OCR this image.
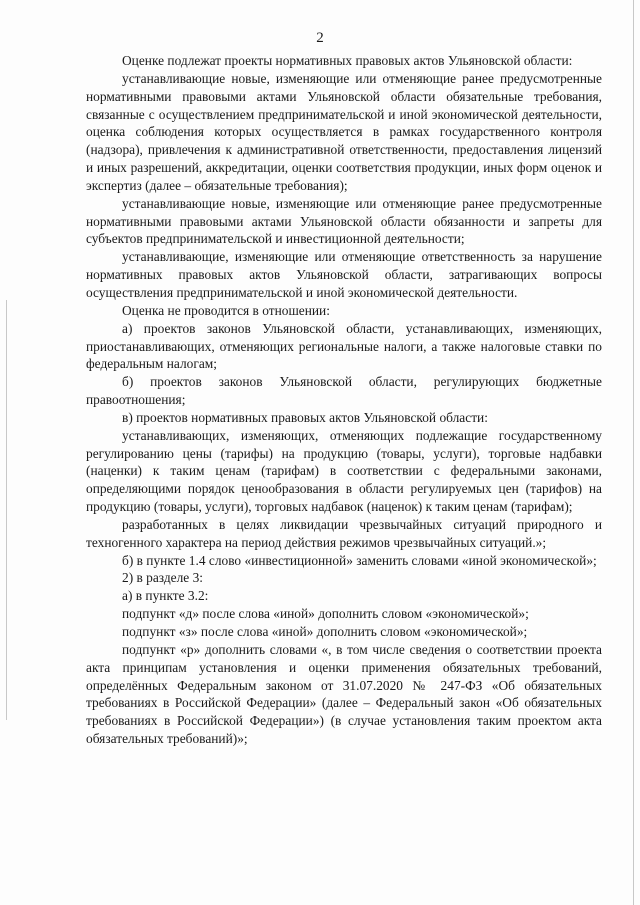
2

Оценке подлежат проекты нормативных правовых актов Ульяновской области:

устанавливающие новые, изменяющие или отменяющие ранее предусмотренные нормативными правовыми актами Ульяновской области обязательные требования, связанные с осуществлением предпринимательской и иной экономической деятельности, оценка соблюдения которых осуществляется в рамках государственного контроля (надзора), привлечения к административной ответственности, предоставления лицензий и иных разрешений, аккредитации, оценки соответствия продукции, иных форм оценок и экспертиз (далее – обязательные требования);

устанавливающие новые, изменяющие или отменяющие ранее предусмотренные нормативными правовыми актами Ульяновской области обязанности и запреты для субъектов предпринимательской и инвестиционной деятельности;

устанавливающие, изменяющие или отменяющие ответственность за нарушение нормативных правовых актов Ульяновской области, затрагивающих вопросы осуществления предпринимательской и иной экономической деятельности.

Оценка не проводится в отношении:

а) проектов законов Ульяновской области, устанавливающих, изменяющих, приостанавливающих, отменяющих региональные налоги, а также налоговые ставки по федеральным налогам;

б) проектов законов Ульяновской области, регулирующих бюджетные правоотношения;

в) проектов нормативных правовых актов Ульяновской области:

устанавливающих, изменяющих, отменяющих подлежащие государственному регулированию цены (тарифы) на продукцию (товары, услуги), торговые надбавки (наценки) к таким ценам (тарифам) в соответствии с федеральными законами, определяющими порядок ценообразования в области регулируемых цен (тарифов) на продукцию (товары, услуги), торговых надбавок (наценок) к таким ценам (тарифам);

разработанных в целях ликвидации чрезвычайных ситуаций природного и техногенного характера на период действия режимов чрезвычайных ситуаций.»;

б) в пункте 1.4 слово «инвестиционной» заменить словами «иной экономической»;

2) в разделе 3:

а) в пункте 3.2:

подпункт «д» после слова «иной» дополнить словом «экономической»;

подпункт «з» после слова «иной» дополнить словом «экономической»;

подпункт «р» дополнить словами «, в том числе сведения о соответствии проекта акта принципам установления и оценки применения обязательных требований, определённых Федеральным законом от 31.07.2020 № 247-ФЗ «Об обязательных требованиях в Российской Федерации» (далее – Федеральный закон «Об обязательных требованиях в Российской Федерации») (в случае установления таким проектом акта обязательных требований)»;
